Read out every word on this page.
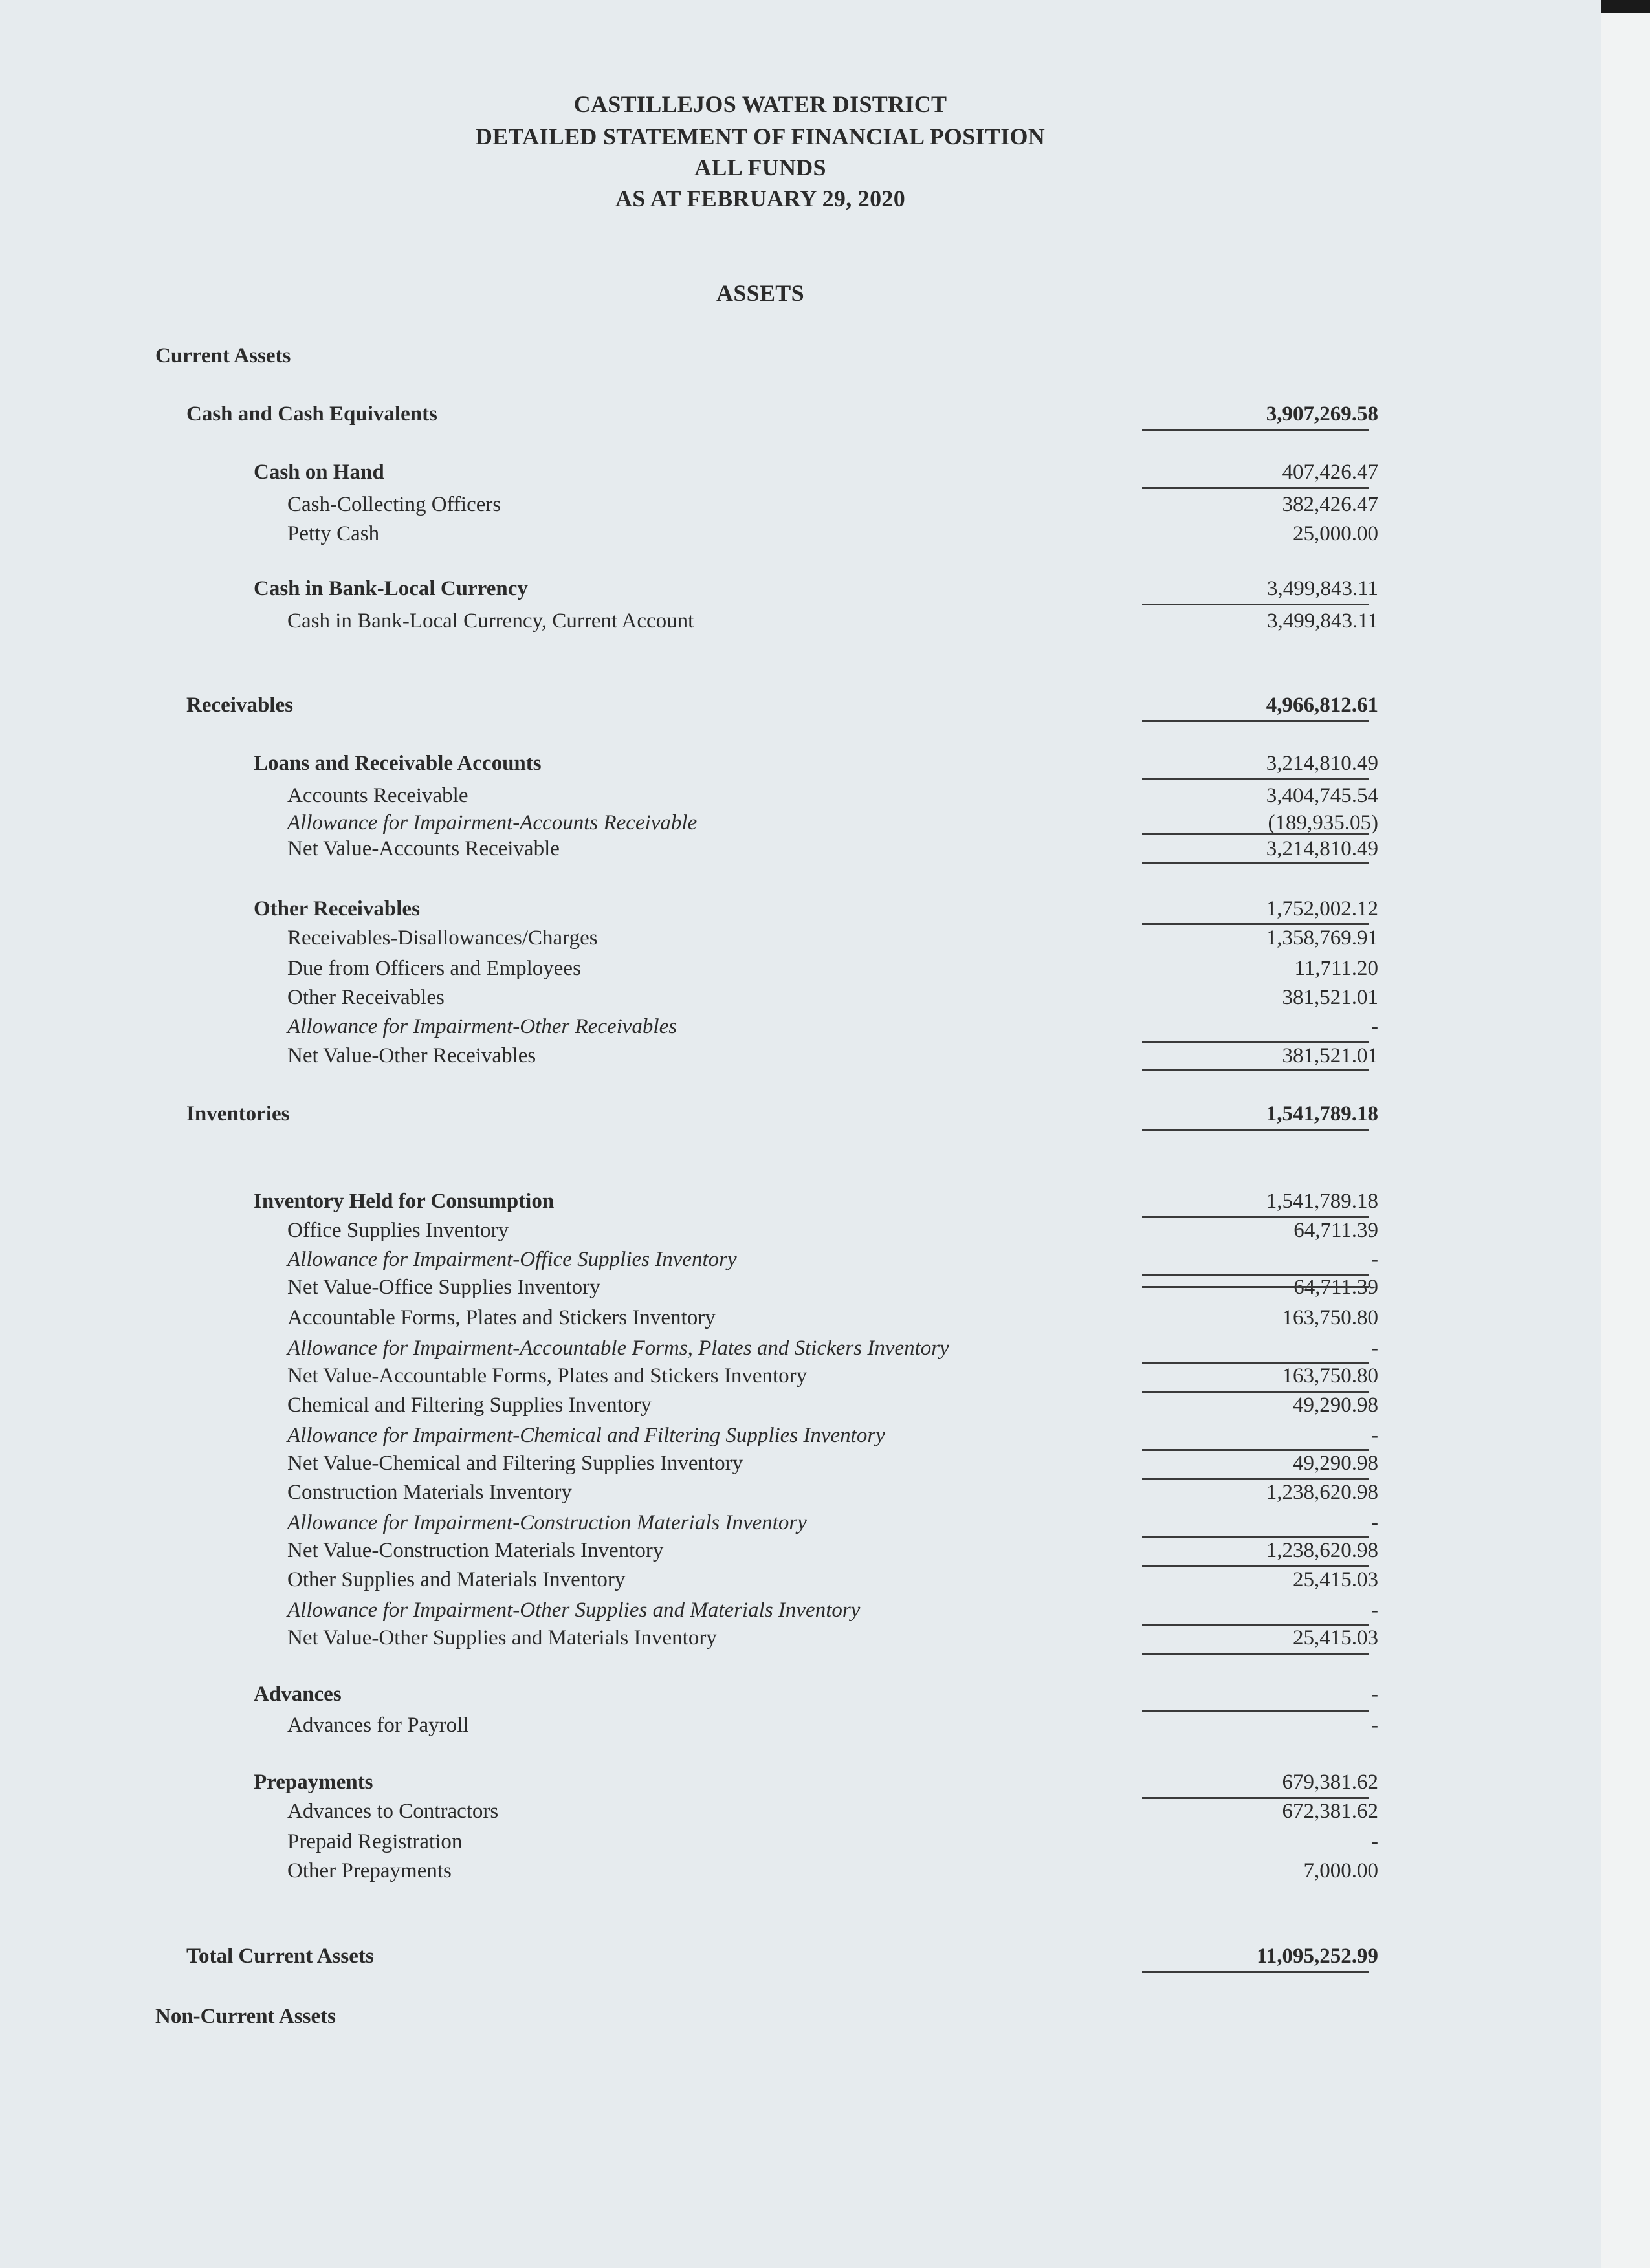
CASTILLEJOS WATER DISTRICT
DETAILED STATEMENT OF FINANCIAL POSITION
ALL FUNDS
AS AT FEBRUARY 29, 2020
ASSETS
Current Assets
Cash and Cash Equivalents	3,907,269.58
Cash on Hand	407,426.47
Cash-Collecting Officers	382,426.47
Petty Cash	25,000.00
Cash in Bank-Local Currency	3,499,843.11
Cash in Bank-Local Currency, Current Account	3,499,843.11
Receivables	4,966,812.61
Loans and Receivable Accounts	3,214,810.49
Accounts Receivable	3,404,745.54
Allowance for Impairment-Accounts Receivable	(189,935.05)
Net Value-Accounts Receivable	3,214,810.49
Other Receivables	1,752,002.12
Receivables-Disallowances/Charges	1,358,769.91
Due from Officers and Employees	11,711.20
Other Receivables	381,521.01
Allowance for Impairment-Other Receivables	-
Net Value-Other Receivables	381,521.01
Inventories	1,541,789.18
Inventory Held for Consumption	1,541,789.18
Office Supplies Inventory	64,711.39
Allowance for Impairment-Office Supplies Inventory	-
Net Value-Office Supplies Inventory	64,711.39
Accountable Forms, Plates and Stickers Inventory	163,750.80
Allowance for Impairment-Accountable Forms, Plates and Stickers Inventory	-
Net Value-Accountable Forms, Plates and Stickers Inventory	163,750.80
Chemical and Filtering Supplies Inventory	49,290.98
Allowance for Impairment-Chemical and Filtering Supplies Inventory	-
Net Value-Chemical and Filtering Supplies Inventory	49,290.98
Construction Materials Inventory	1,238,620.98
Allowance for Impairment-Construction Materials Inventory	-
Net Value-Construction Materials Inventory	1,238,620.98
Other Supplies and Materials Inventory	25,415.03
Allowance for Impairment-Other Supplies and Materials Inventory	-
Net Value-Other Supplies and Materials Inventory	25,415.03
Advances	-
Advances for Payroll	-
Prepayments	679,381.62
Advances to Contractors	672,381.62
Prepaid Registration	-
Other Prepayments	7,000.00
Total Current Assets	11,095,252.99
Non-Current Assets
